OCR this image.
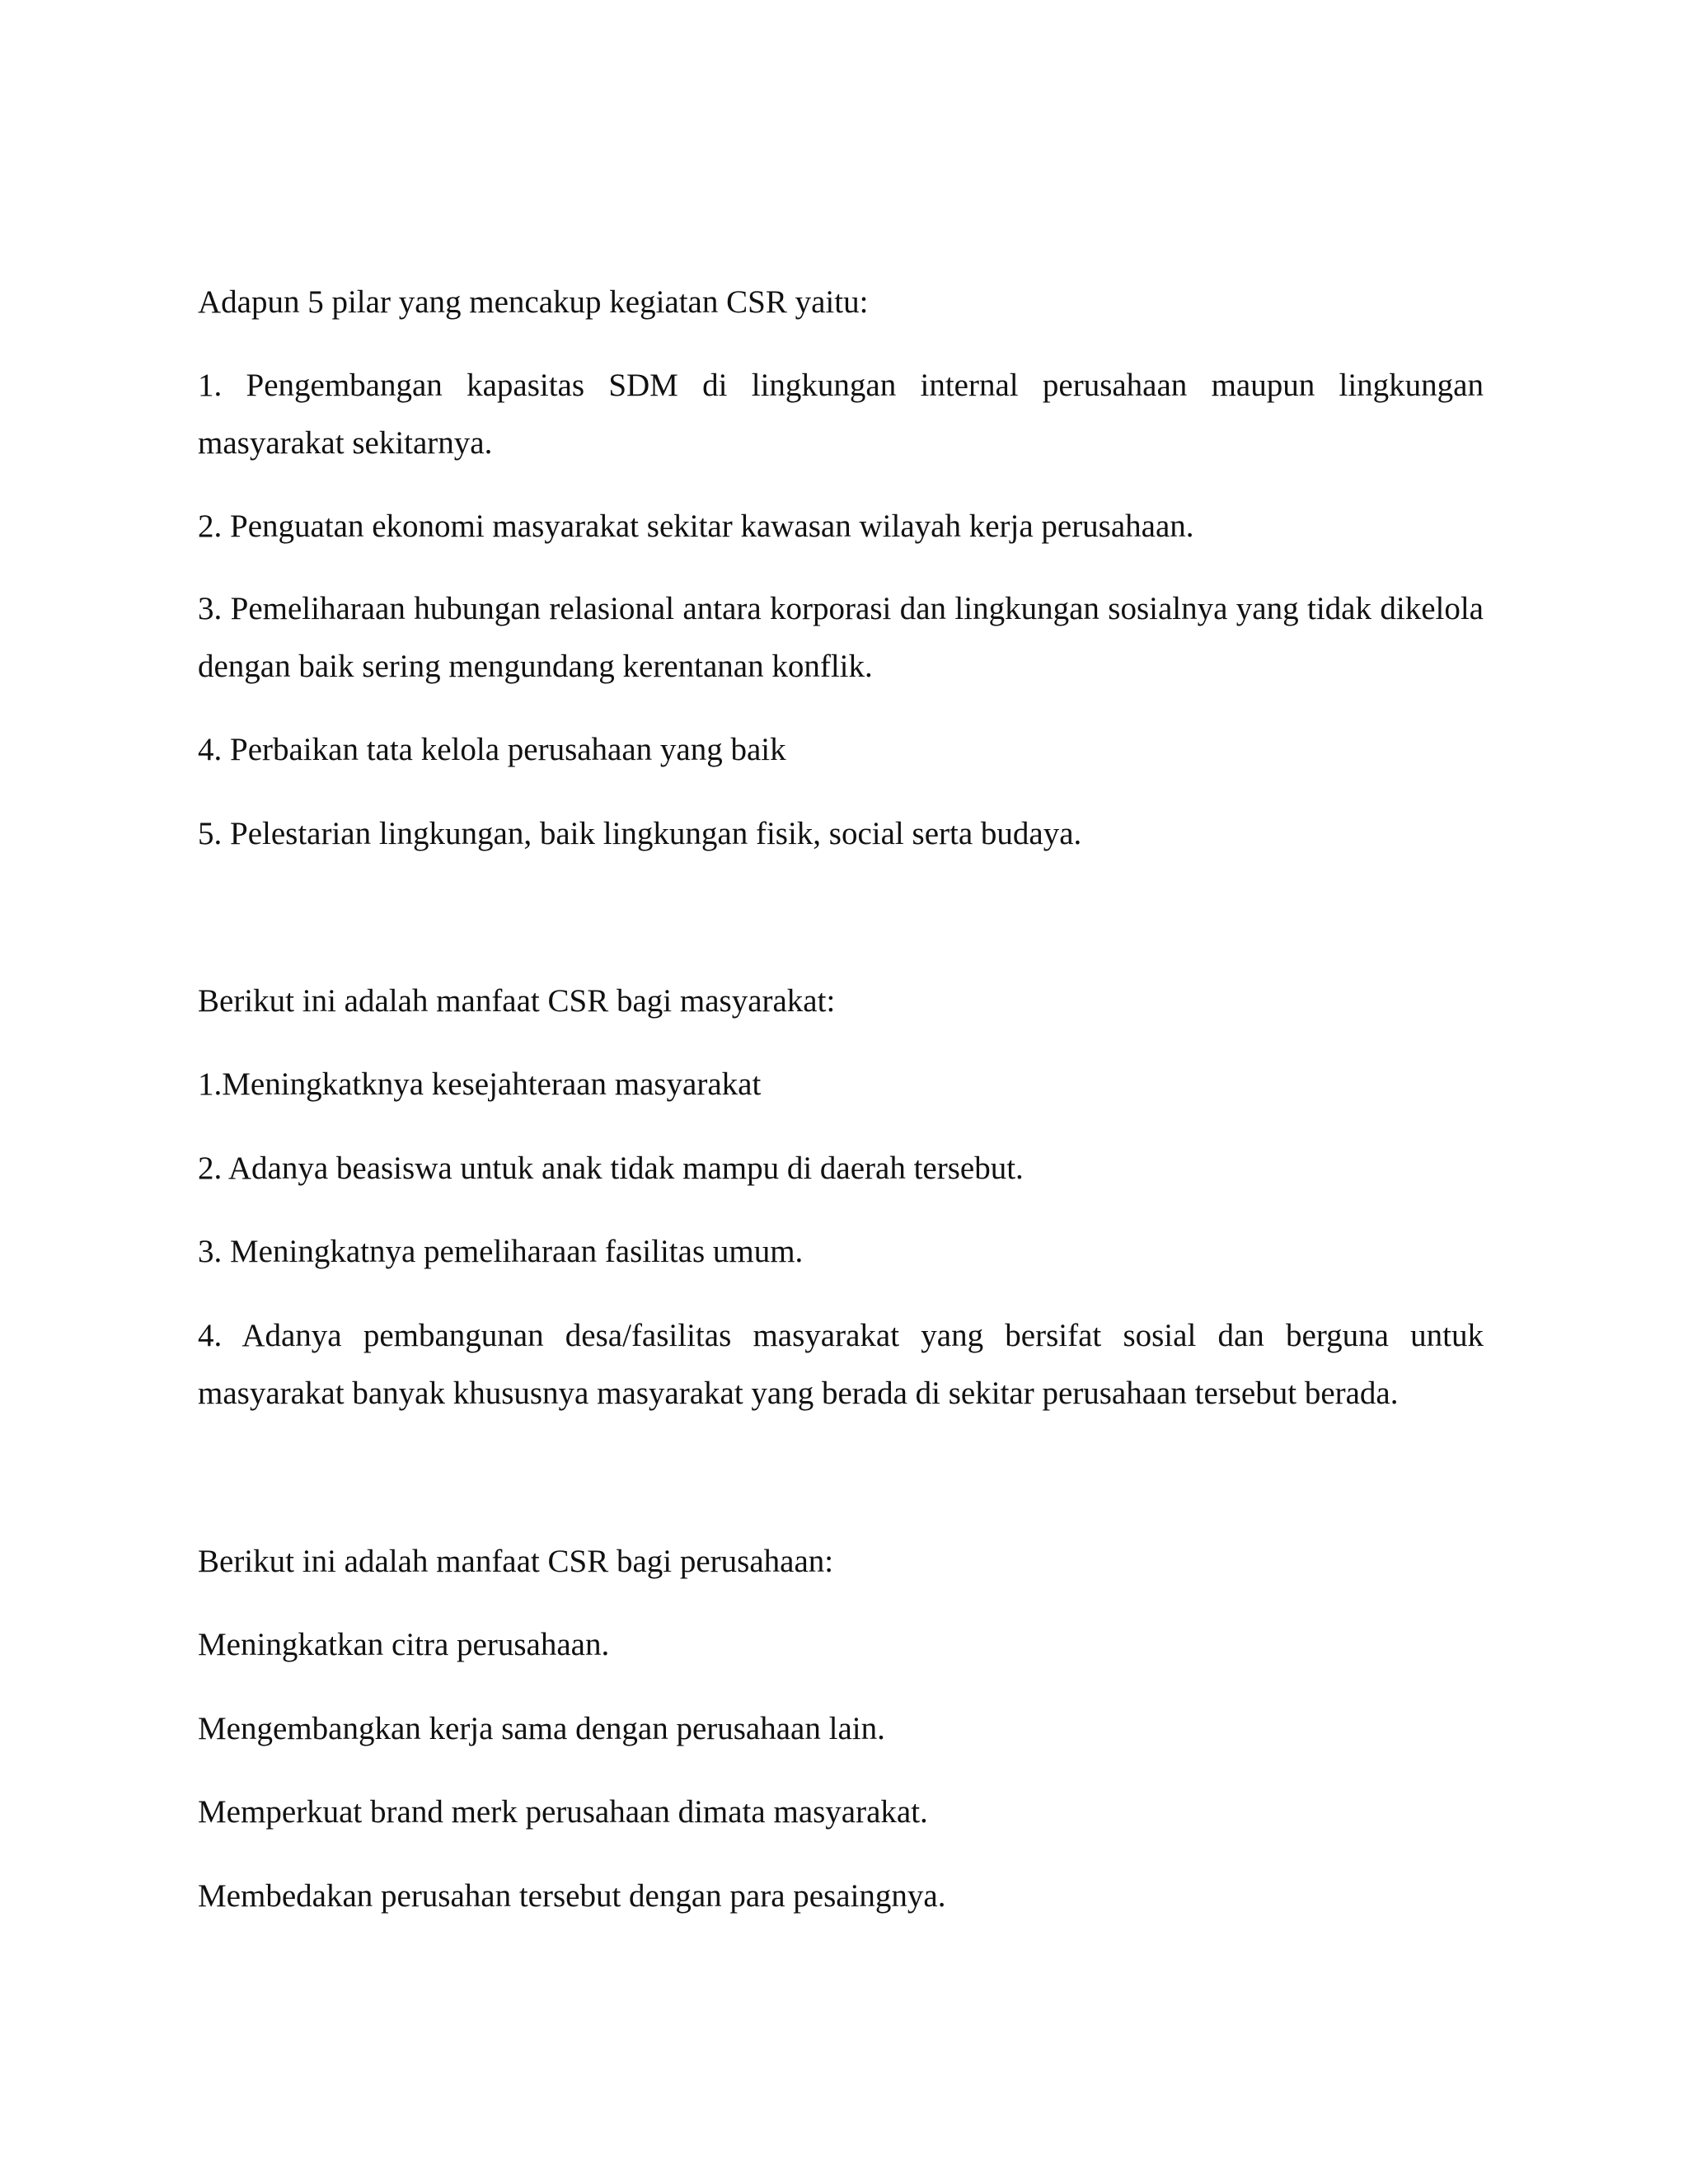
Adapun 5 pilar yang mencakup kegiatan CSR yaitu:

1. Pengembangan kapasitas SDM di lingkungan internal perusahaan maupun lingkungan masyarakat sekitarnya.

2. Penguatan ekonomi masyarakat sekitar kawasan wilayah kerja perusahaan.

3. Pemeliharaan hubungan relasional antara korporasi dan lingkungan sosialnya yang tidak dikelola dengan baik sering mengundang kerentanan konflik.

4. Perbaikan tata kelola perusahaan yang baik

5. Pelestarian lingkungan, baik lingkungan fisik, social serta budaya.

Berikut ini adalah manfaat CSR bagi masyarakat:

1.Meningkatknya kesejahteraan masyarakat

2. Adanya beasiswa untuk anak tidak mampu di daerah tersebut.

3. Meningkatnya pemeliharaan fasilitas umum.

4. Adanya pembangunan desa/fasilitas masyarakat yang bersifat sosial dan berguna untuk masyarakat banyak khususnya masyarakat yang berada di sekitar perusahaan tersebut berada.

Berikut ini adalah manfaat CSR bagi perusahaan:

Meningkatkan citra perusahaan.

Mengembangkan kerja sama dengan perusahaan lain.

Memperkuat brand merk perusahaan dimata masyarakat.

Membedakan perusahan tersebut dengan para pesaingnya.
